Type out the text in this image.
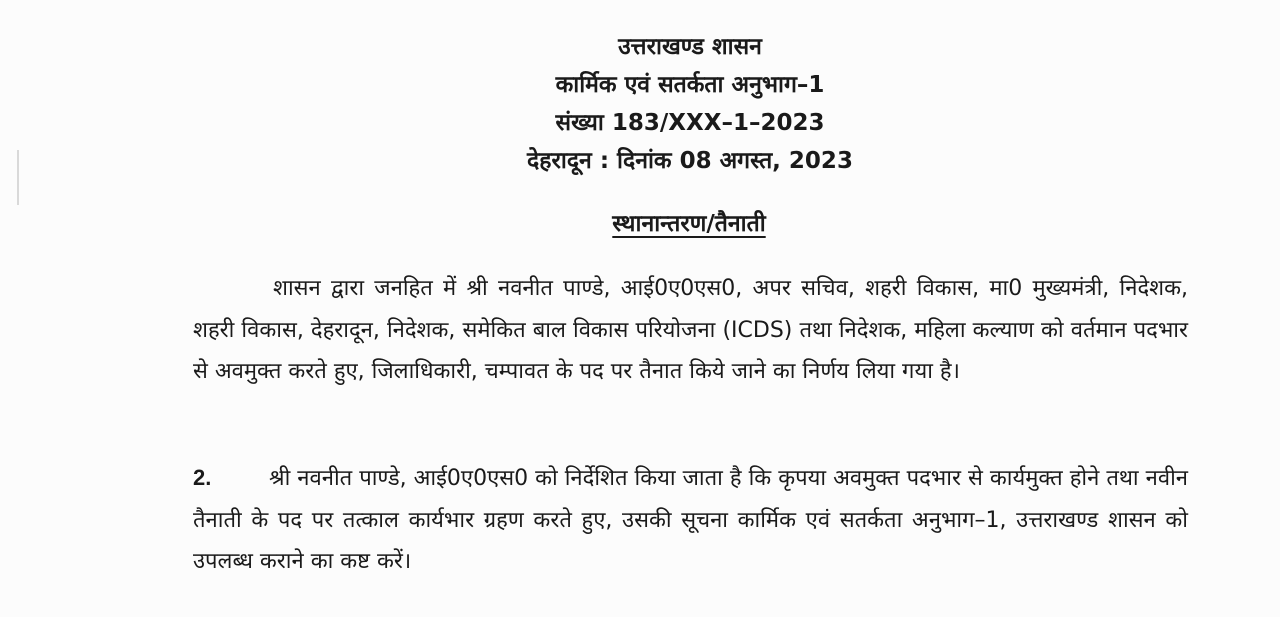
उत्तराखण्ड शासन
कार्मिक एवं सतर्कता अनुभाग–1
संख्या 183/XXX–1–2023
देहरादून : दिनांक 08 अगस्त, 2023
स्थानान्तरण/तैनाती
शासन द्वारा जनहित में श्री नवनीत पाण्डे, आई0ए0एस0, अपर सचिव, शहरी विकास, मा0 मुख्यमंत्री, निदेशक, शहरी विकास, देहरादून, निदेशक, समेकित बाल विकास परियोजना (ICDS) तथा निदेशक, महिला कल्याण को वर्तमान पदभार से अवमुक्त करते हुए, जिलाधिकारी, चम्पावत के पद पर तैनात किये जाने का निर्णय लिया गया है।
2.	श्री नवनीत पाण्डे, आई0ए0एस0 को निर्देशित किया जाता है कि कृपया अवमुक्त पदभार से कार्यमुक्त होने तथा नवीन तैनाती के पद पर तत्काल कार्यभार ग्रहण करते हुए, उसकी सूचना कार्मिक एवं सतर्कता अनुभाग–1, उत्तराखण्ड शासन को उपलब्ध कराने का कष्ट करें।
